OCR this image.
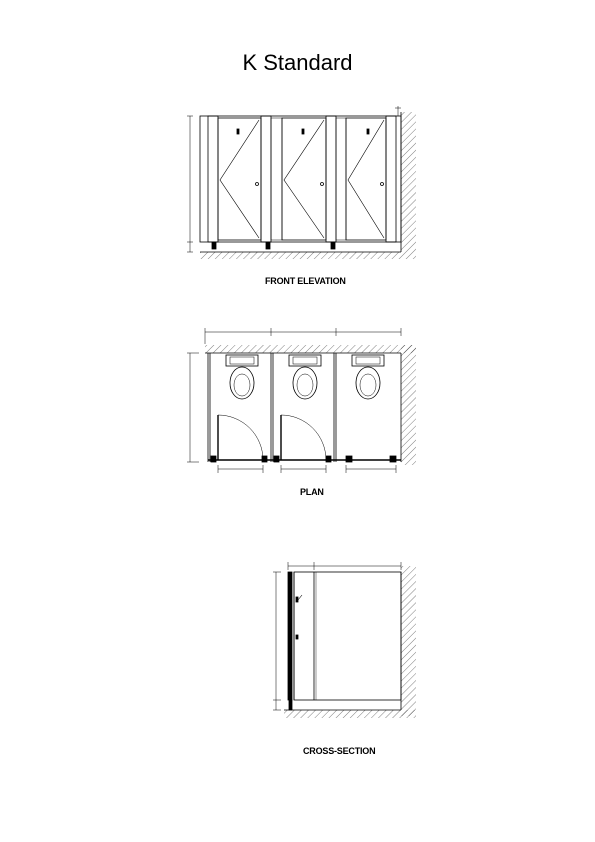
K Standard
FRONT ELEVATION
PLAN
CROSS-SECTION
